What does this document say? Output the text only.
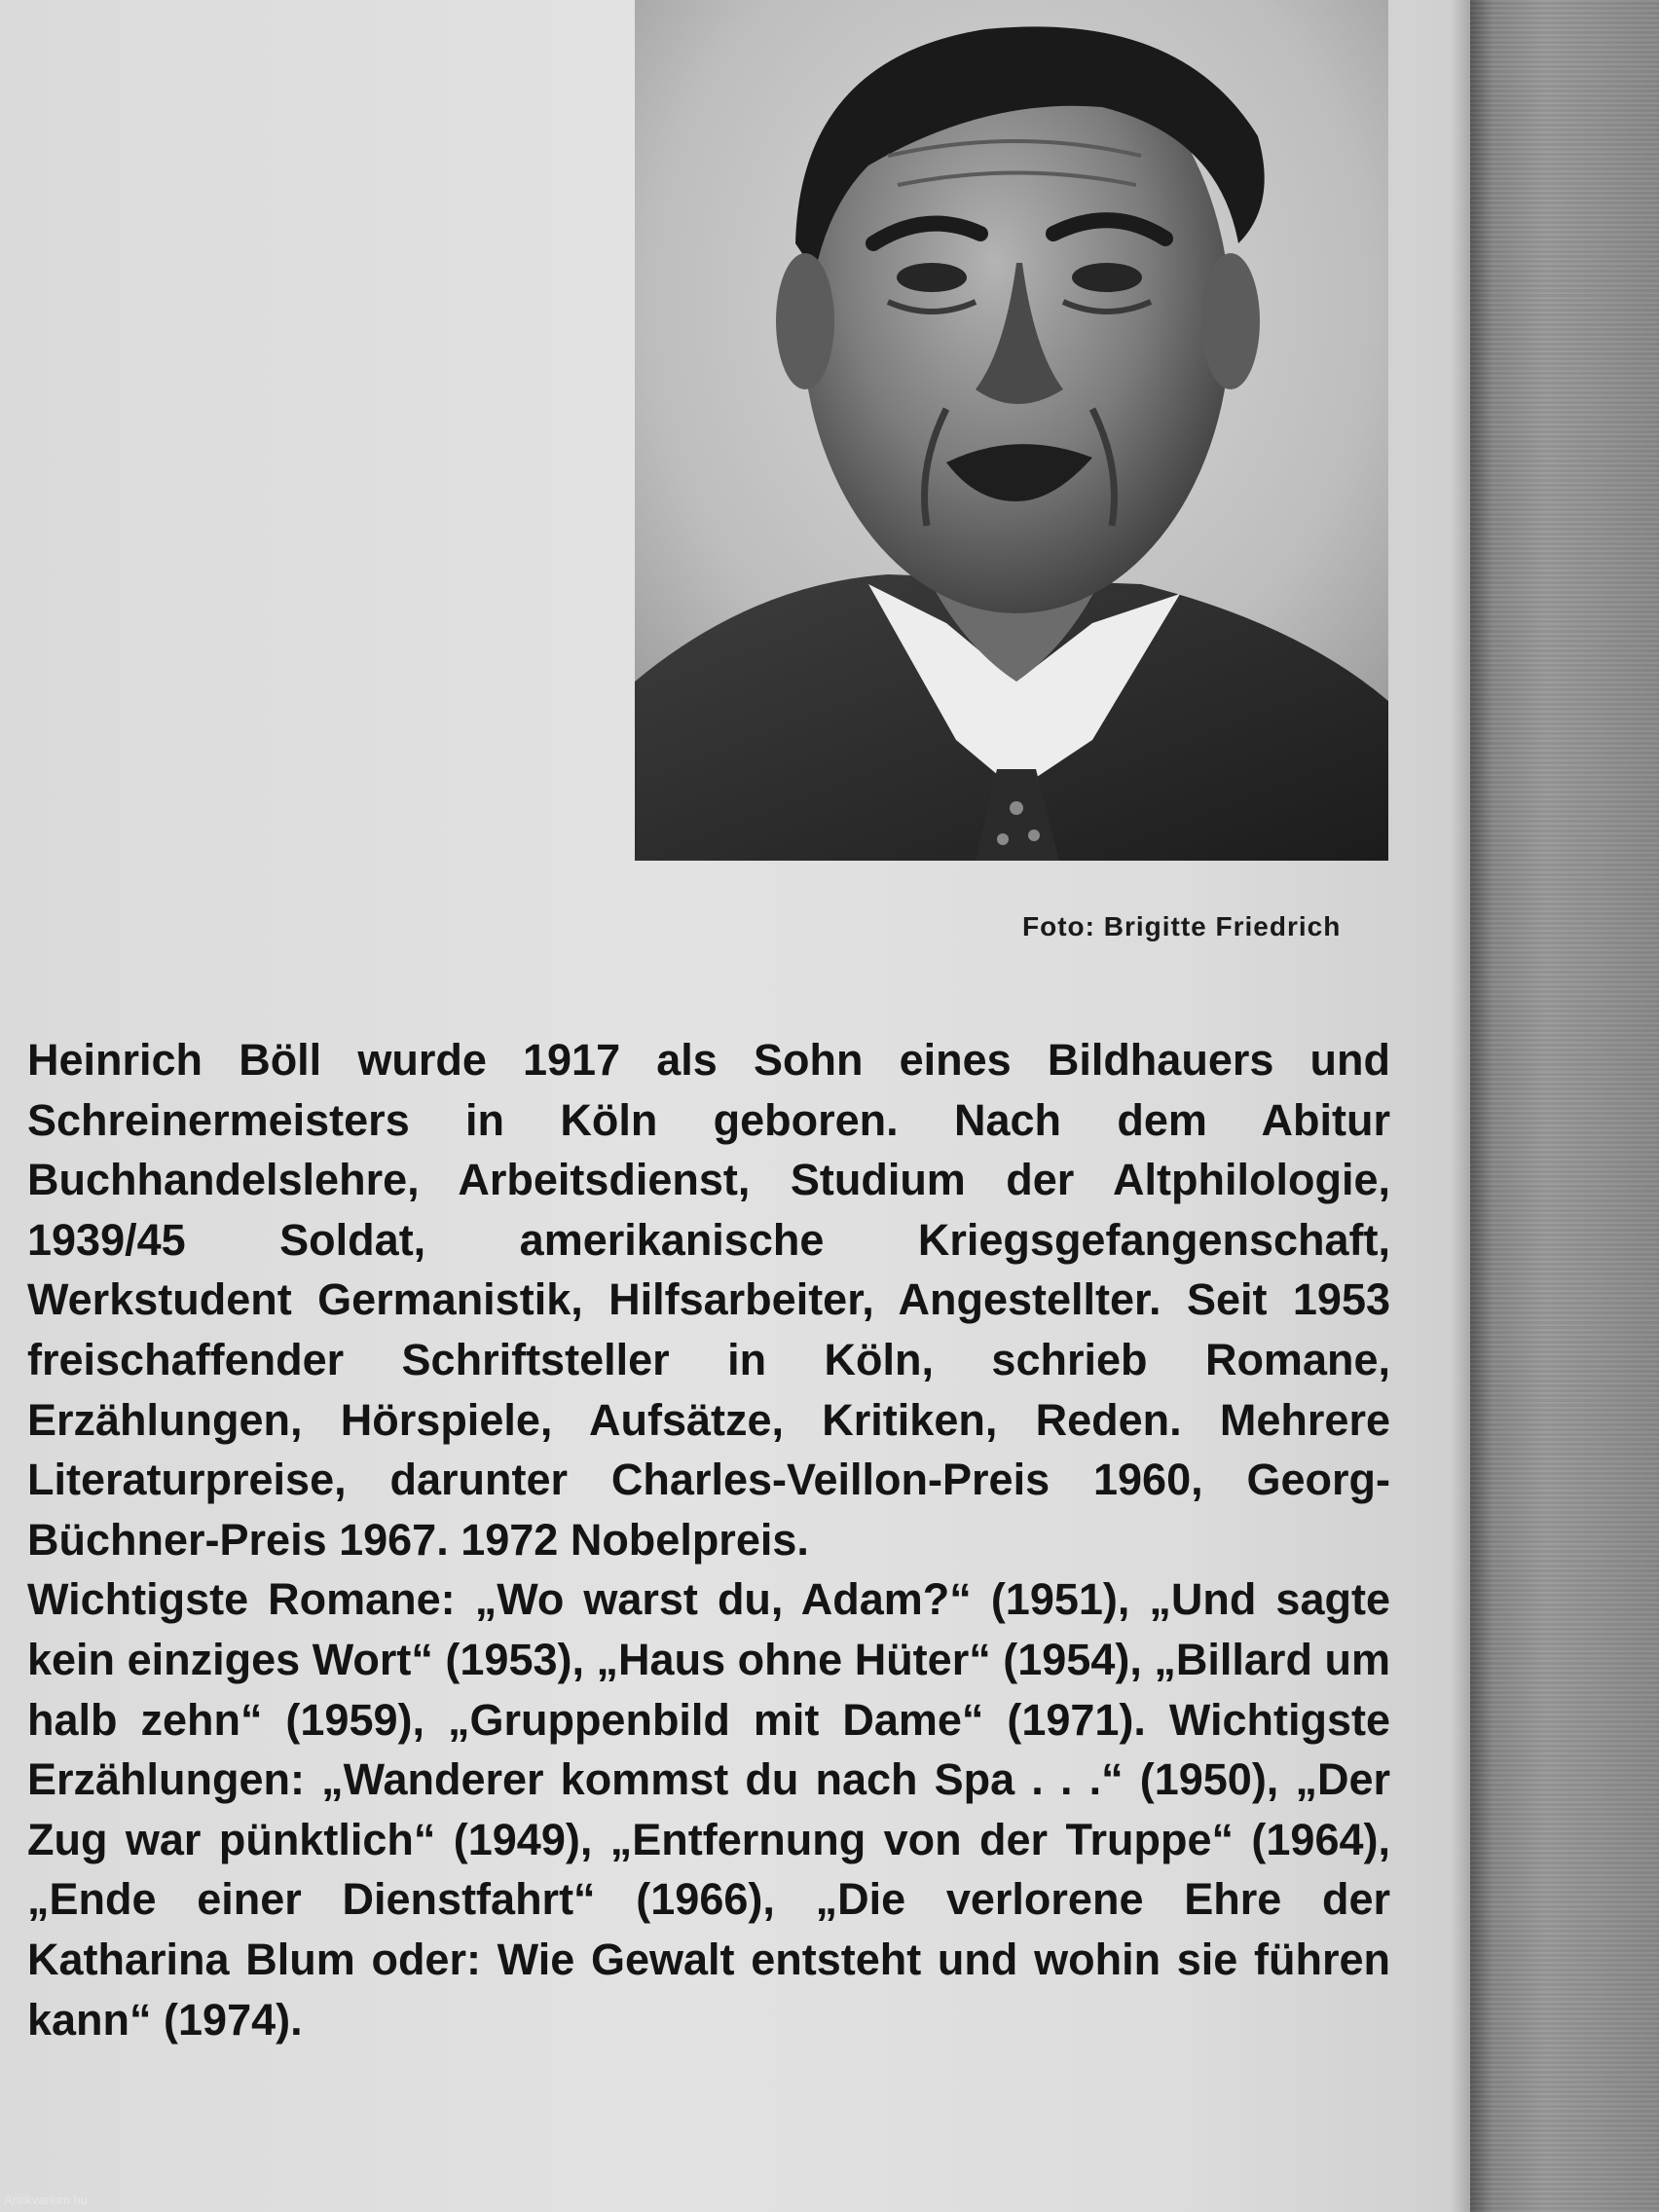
Foto: Brigitte Friedrich

Heinrich Böll wurde 1917 als Sohn eines Bildhauers und Schreinermeisters in Köln geboren. Nach dem Abitur Buchhandelslehre, Arbeitsdienst, Studium der Altphilologie, 1939/45 Soldat, amerikanische Kriegsgefangenschaft, Werkstudent Germanistik, Hilfsarbeiter, Angestellter. Seit 1953 freischaffender Schriftsteller in Köln, schrieb Romane, Erzählungen, Hörspiele, Aufsätze, Kritiken, Reden. Mehrere Literaturpreise, darunter Charles-Veillon-Preis 1960, Georg-Büchner-Preis 1967. 1972 Nobelpreis.

Wichtigste Romane: „Wo warst du, Adam?“ (1951), „Und sagte kein einziges Wort“ (1953), „Haus ohne Hüter“ (1954), „Billard um halb zehn“ (1959), „Gruppenbild mit Dame“ (1971). Wichtigste Erzählungen: „Wanderer kommst du nach Spa . . .“ (1950), „Der Zug war pünktlich“ (1949), „Entfernung von der Truppe“ (1964), „Ende einer Dienstfahrt“ (1966), „Die verlorene Ehre der Katharina Blum oder: Wie Gewalt entsteht und wohin sie führen kann“ (1974).

Antikvarium.hu
